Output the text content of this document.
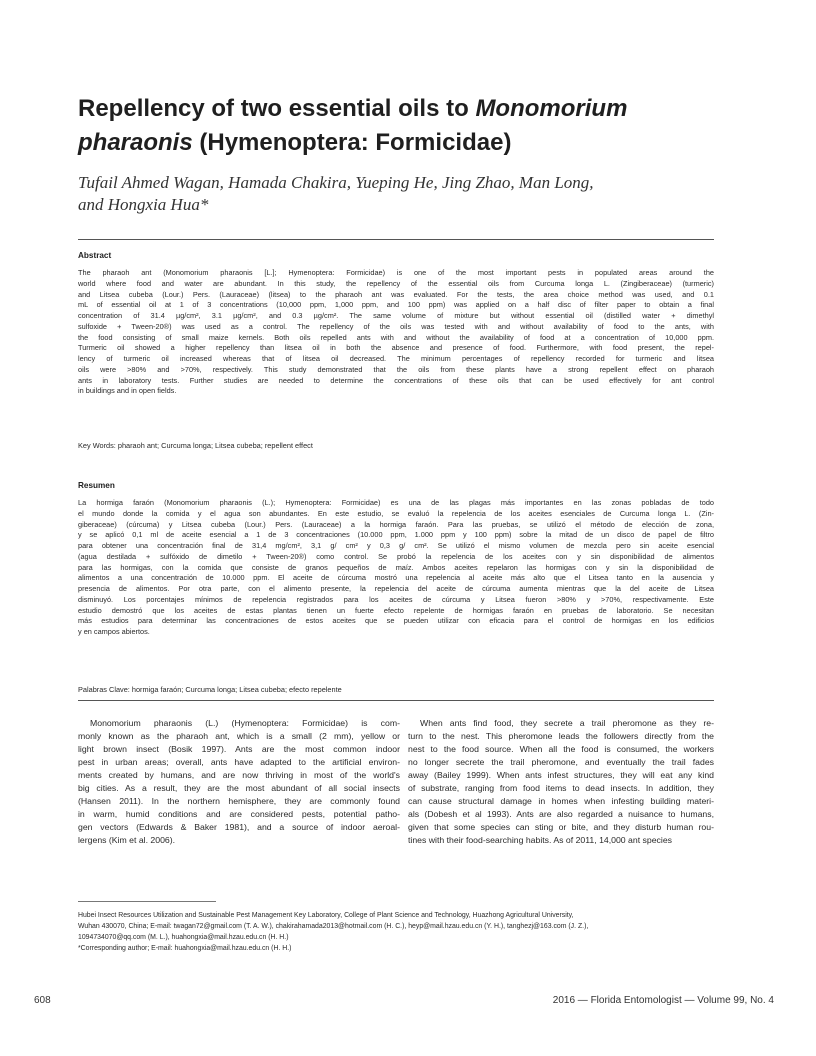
Repellency of two essential oils to Monomorium
pharaonis (Hymenoptera: Formicidae)

Tufail Ahmed Wagan, Hamada Chakira, Yueping He, Jing Zhao, Man Long,
and Hongxia Hua*

Abstract
The pharaoh ant (Monomorium pharaonis [L.]; Hymenoptera: Formicidae) is one of the most important pests in populated areas around the
world where food and water are abundant. In this study, the repellency of the essential oils from Curcuma longa L. (Zingiberaceae) (turmeric)
and Litsea cubeba (Lour.) Pers. (Lauraceae) (litsea) to the pharaoh ant was evaluated. For the tests, the area choice method was used, and 0.1
mL of essential oil at 1 of 3 concentrations (10,000 ppm, 1,000 ppm, and 100 ppm) was applied on a half disc of filter paper to obtain a final
concentration of 31.4 µg/cm², 3.1 µg/cm², and 0.3 µg/cm². The same volume of mixture but without essential oil (distilled water + dimethyl
sulfoxide + Tween-20®) was used as a control. The repellency of the oils was tested with and without availability of food to the ants, with
the food consisting of small maize kernels. Both oils repelled ants with and without the availability of food at a concentration of 10,000 ppm.
Turmeric oil showed a higher repellency than litsea oil in both the absence and presence of food. Furthermore, with food present, the repel-
lency of turmeric oil increased whereas that of litsea oil decreased. The minimum percentages of repellency recorded for turmeric and litsea
oils were >80% and >70%, respectively. This study demonstrated that the oils from these plants have a strong repellent effect on pharaoh
ants in laboratory tests. Further studies are needed to determine the concentrations of these oils that can be used effectively for ant control
in buildings and in open fields.

Key Words: pharaoh ant; Curcuma longa; Litsea cubeba; repellent effect

Resumen
La hormiga faraón (Monomorium pharaonis (L.); Hymenoptera: Formicidae) es una de las plagas más importantes en las zonas pobladas de todo
el mundo donde la comida y el agua son abundantes. En este estudio, se evaluó la repelencia de los aceites esenciales de Curcuma longa L. (Zin-
giberaceae) (cúrcuma) y Litsea cubeba (Lour.) Pers. (Lauraceae) a la hormiga faraón. Para las pruebas, se utilizó el método de elección de zona,
y se aplicó 0,1 ml de aceite esencial a 1 de 3 concentraciones (10.000 ppm, 1.000 ppm y 100 ppm) sobre la mitad de un disco de papel de filtro
para obtener una concentración final de 31,4 mg/cm², 3,1 g/ cm² y 0,3 g/ cm². Se utilizó el mismo volumen de mezcla pero sin aceite esencial
(agua destilada + sulfóxido de dimetilo + Tween-20®) como control. Se probó la repelencia de los aceites con y sin disponibilidad de alimentos
para las hormigas, con la comida que consiste de granos pequeños de maíz. Ambos aceites repelaron las hormigas con y sin la disponibilidad de
alimentos a una concentración de 10.000 ppm. El aceite de cúrcuma mostró una repelencia al aceite más alto que el Litsea tanto en la ausencia y
presencia de alimentos. Por otra parte, con el alimento presente, la repelencia del aceite de cúrcuma aumenta mientras que la del aceite de Litsea
disminuyó. Los porcentajes mínimos de repelencia registrados para los aceites de cúrcuma y Litsea fueron >80% y >70%, respectivamente. Este
estudio demostró que los aceites de estas plantas tienen un fuerte efecto repelente de hormigas faraón en pruebas de laboratorio. Se necesitan
más estudios para determinar las concentraciones de estos aceites que se pueden utilizar con eficacia para el control de hormigas en los edificios
y en campos abiertos.

Palabras Clave: hormiga faraón; Curcuma longa; Litsea cubeba; efecto repelente

Monomorium pharaonis (L.) (Hymenoptera: Formicidae) is com-
monly known as the pharaoh ant, which is a small (2 mm), yellow or
light brown insect (Bosik 1997). Ants are the most common indoor
pest in urban areas; overall, ants have adapted to the artificial environ-
ments created by humans, and are now thriving in most of the world's
big cities. As a result, they are the most abundant of all social insects
(Hansen 2011). In the northern hemisphere, they are commonly found
in warm, humid conditions and are considered pests, potential patho-
gen vectors (Edwards & Baker 1981), and a source of indoor aeroal-
lergens (Kim et al. 2006).
When ants find food, they secrete a trail pheromone as they re-
turn to the nest. This pheromone leads the followers directly from the
nest to the food source. When all the food is consumed, the workers
no longer secrete the trail pheromone, and eventually the trail fades
away (Bailey 1999). When ants infest structures, they will eat any kind
of substrate, ranging from food items to dead insects. In addition, they
can cause structural damage in homes when infesting building materi-
als (Dobesh et al 1993). Ants are also regarded a nuisance to humans,
given that some species can sting or bite, and they disturb human rou-
tines with their food-searching habits. As of 2011, 14,000 ant species
Hubei Insect Resources Utilization and Sustainable Pest Management Key Laboratory, College of Plant Science and Technology, Huazhong Agricultural University,
Wuhan 430070, China; E-mail: twagan72@gmail.com (T. A. W.), chakirahamada2013@hotmail.com (H. C.), heyp@mail.hzau.edu.cn (Y. H.), tanghezj@163.com (J. Z.),
1094734070@qq.com (M. L.), huahongxia@mail.hzau.edu.cn (H. H.)
*Corresponding author; E-mail: huahongxia@mail.hzau.edu.cn (H. H.)

608	2016 — Florida Entomologist — Volume 99, No. 4
